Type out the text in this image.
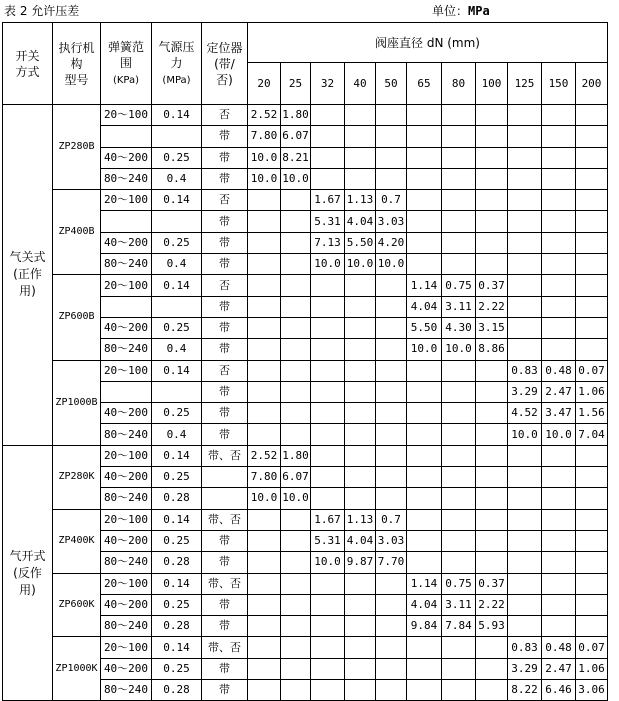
表 2 允许压差	单位：MPa
开关
方式	执行机
构
型号	弹簧范
围
(KPa)	气源压
力
(MPa)	定位器
(带/
否)	阀座直径 dN (mm)										
					20	25	32	40	50	65	80	100	125	150	200
气关式
(正作
用)	ZP280B	20～100	0.14	否	2.52	1.80									
				带	7.80	6.07									
		40～200	0.25	带	10.0	8.21									
		80～240	0.4	带	10.0	10.0									
	ZP400B	20～100	0.14	否			1.67	1.13	0.7						
				带			5.31	4.04	3.03						
		40～200	0.25	带			7.13	5.50	4.20						
		80～240	0.4	带			10.0	10.0	10.0						
	ZP600B	20～100	0.14	否						1.14	0.75	0.37			
				带						4.04	3.11	2.22			
		40～200	0.25	带						5.50	4.30	3.15			
		80～240	0.4	带						10.0	10.0	8.86			
	ZP1000B	20～100	0.14	否									0.83	0.48	0.07
				带									3.29	2.47	1.06
		40～200	0.25	带									4.52	3.47	1.56
		80～240	0.4	带									10.0	10.0	7.04
气开式
(反作
用)	ZP280K	20～100	0.14	带、否	2.52	1.80									
		40～200	0.25		7.80	6.07									
		80～240	0.28		10.0	10.0									
	ZP400K	20～100	0.14	带、否			1.67	1.13	0.7						
		40～200	0.25	带			5.31	4.04	3.03						
		80～240	0.28	带			10.0	9.87	7.70						
	ZP600K	20～100	0.14	带、否						1.14	0.75	0.37			
		40～200	0.25	带						4.04	3.11	2.22			
		80～240	0.28	带						9.84	7.84	5.93			
	ZP1000K	20～100	0.14	带、否									0.83	0.48	0.07
		40～200	0.25	带									3.29	2.47	1.06
		80～240	0.28	带									8.22	6.46	3.06
